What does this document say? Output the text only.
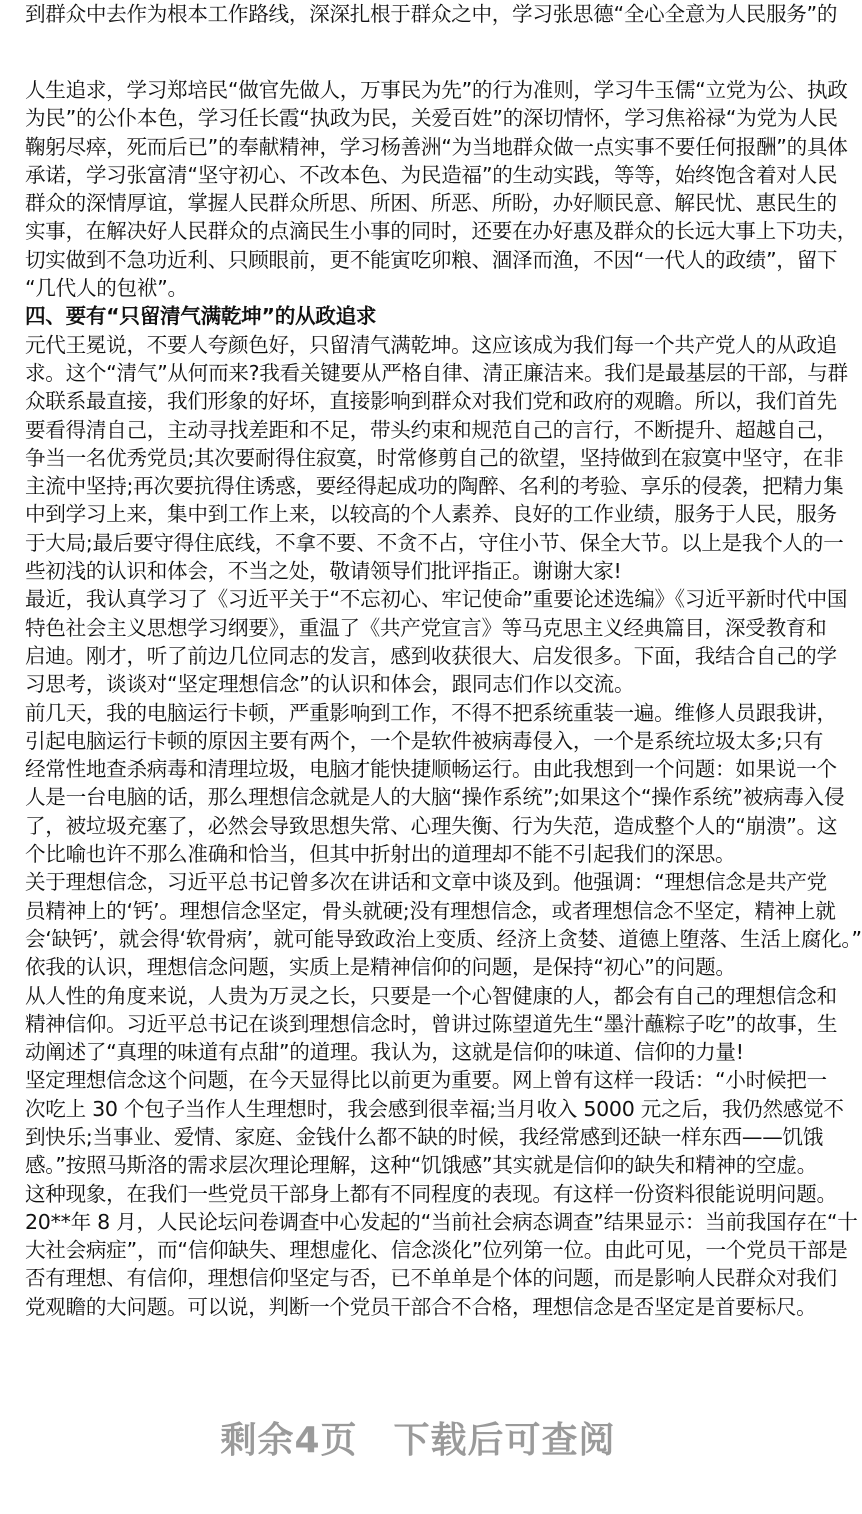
到群众中去作为根本工作路线，深深扎根于群众之中，学习张思德“全心全意为人民服务”的
人生追求，学习郑培民“做官先做人，万事民为先”的行为准则，学习牛玉儒“立党为公、执政
为民”的公仆本色，学习任长霞“执政为民，关爱百姓”的深切情怀，学习焦裕禄“为党为人民
鞠躬尽瘁，死而后已”的奉献精神，学习杨善洲“为当地群众做一点实事不要任何报酬”的具体
承诺，学习张富清“坚守初心、不改本色、为民造福”的生动实践，等等，始终饱含着对人民
群众的深情厚谊，掌握人民群众所思、所困、所恶、所盼，办好顺民意、解民忧、惠民生的
实事，在解决好人民群众的点滴民生小事的同时，还要在办好惠及群众的长远大事上下功夫，
切实做到不急功近利、只顾眼前，更不能寅吃卯粮、涸泽而渔，不因“一代人的政绩”，留下
“几代人的包袱”。
四、要有“只留清气满乾坤”的从政追求
元代王冕说，不要人夸颜色好，只留清气满乾坤。这应该成为我们每一个共产党人的从政追
求。这个“清气”从何而来?我看关键要从严格自律、清正廉洁来。我们是最基层的干部，与群
众联系最直接，我们形象的好坏，直接影响到群众对我们党和政府的观瞻。所以，我们首先
要看得清自己，主动寻找差距和不足，带头约束和规范自己的言行，不断提升、超越自己，
争当一名优秀党员;其次要耐得住寂寞，时常修剪自己的欲望，坚持做到在寂寞中坚守，在非
主流中坚持;再次要抗得住诱惑，要经得起成功的陶醉、名利的考验、享乐的侵袭，把精力集
中到学习上来，集中到工作上来，以较高的个人素养、良好的工作业绩，服务于人民，服务
于大局;最后要守得住底线，不拿不要、不贪不占，守住小节、保全大节。以上是我个人的一
些初浅的认识和体会，不当之处，敬请领导们批评指正。谢谢大家!
最近，我认真学习了《习近平关于“不忘初心、牢记使命”重要论述选编》《习近平新时代中国
特色社会主义思想学习纲要》，重温了《共产党宣言》等马克思主义经典篇目，深受教育和
启迪。刚才，听了前边几位同志的发言，感到收获很大、启发很多。下面，我结合自己的学
习思考，谈谈对“坚定理想信念”的认识和体会，跟同志们作以交流。
前几天，我的电脑运行卡顿，严重影响到工作，不得不把系统重装一遍。维修人员跟我讲，
引起电脑运行卡顿的原因主要有两个，一个是软件被病毒侵入，一个是系统垃圾太多;只有
经常性地查杀病毒和清理垃圾，电脑才能快捷顺畅运行。由此我想到一个问题：如果说一个
人是一台电脑的话，那么理想信念就是人的大脑“操作系统”;如果这个“操作系统”被病毒入侵
了，被垃圾充塞了，必然会导致思想失常、心理失衡、行为失范，造成整个人的“崩溃”。这
个比喻也许不那么准确和恰当，但其中折射出的道理却不能不引起我们的深思。
关于理想信念，习近平总书记曾多次在讲话和文章中谈及到。他强调：“理想信念是共产党
员精神上的‘钙’。理想信念坚定，骨头就硬;没有理想信念，或者理想信念不坚定，精神上就
会‘缺钙’，就会得‘软骨病’，就可能导致政治上变质、经济上贪婪、道德上堕落、生活上腐化。”
依我的认识，理想信念问题，实质上是精神信仰的问题，是保持“初心”的问题。
从人性的角度来说，人贵为万灵之长，只要是一个心智健康的人，都会有自己的理想信念和
精神信仰。习近平总书记在谈到理想信念时，曾讲过陈望道先生“墨汁蘸粽子吃”的故事，生
动阐述了“真理的味道有点甜”的道理。我认为，这就是信仰的味道、信仰的力量!
坚定理想信念这个问题，在今天显得比以前更为重要。网上曾有这样一段话：“小时候把一
次吃上 30 个包子当作人生理想时，我会感到很幸福;当月收入 5000 元之后，我仍然感觉不
到快乐;当事业、爱情、家庭、金钱什么都不缺的时候，我经常感到还缺一样东西——饥饿
感。”按照马斯洛的需求层次理论理解，这种“饥饿感”其实就是信仰的缺失和精神的空虚。
这种现象，在我们一些党员干部身上都有不同程度的表现。有这样一份资料很能说明问题。
20**年 8 月，人民论坛问卷调查中心发起的“当前社会病态调查”结果显示：当前我国存在“十
大社会病症”，而“信仰缺失、理想虚化、信念淡化”位列第一位。由此可见，一个党员干部是
否有理想、有信仰，理想信仰坚定与否，已不单单是个体的问题，而是影响人民群众对我们
党观瞻的大问题。可以说，判断一个党员干部合不合格，理想信念是否坚定是首要标尺。
剩余4页 下载后可查阅
